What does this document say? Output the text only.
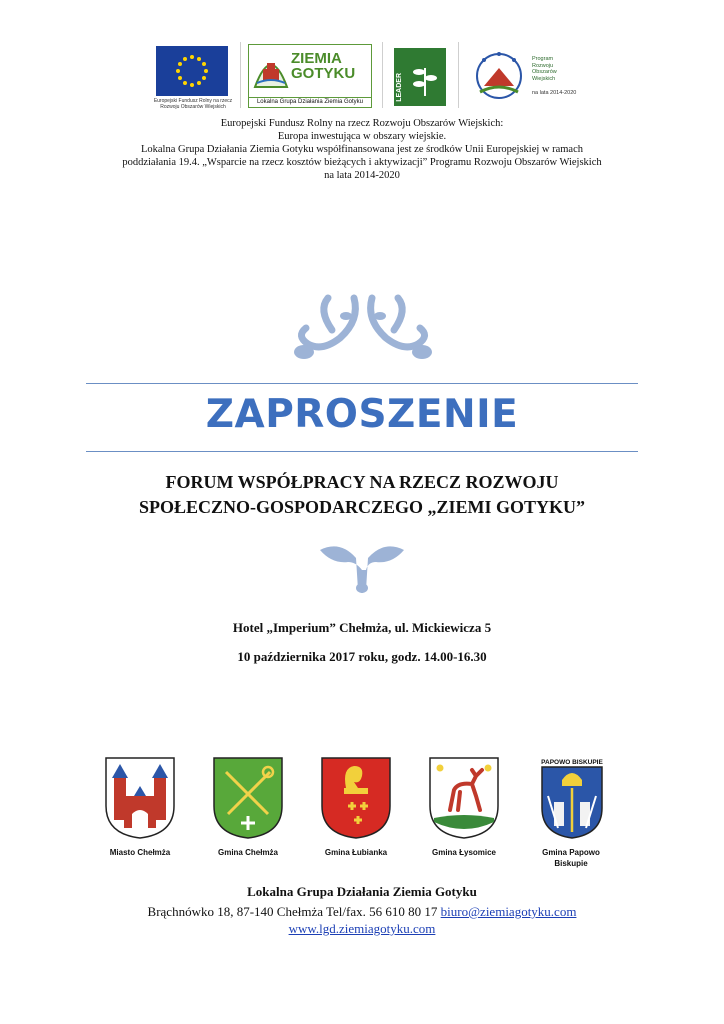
Europejski Fundusz Rolny na rzecz Rozwoju Obszarów Wiejskich
ZIEMIA
GOTYKU
Lokalna Grupa Działania Ziemia Gotyku	LEADER
Program
Rozwoju
Obszarów
Wiejskich
na lata 2014-2020
Europejski Fundusz Rolny na rzecz Rozwoju Obszarów Wiejskich:
Europa inwestująca w obszary wiejskie.
Lokalna Grupa Działania Ziemia Gotyku współfinansowana jest ze środków Unii Europejskiej w ramach
poddziałania 19.4. „Wsparcie na rzecz kosztów bieżących i aktywizacji” Programu Rozwoju Obszarów Wiejskich
na lata 2014-2020
ZAPROSZENIE
FORUM WSPÓŁPRACY NA RZECZ ROZWOJU
SPOŁECZNO-GOSPODARCZEGO „ZIEMI GOTYKU”
Hotel „Imperium” Chełmża, ul. Mickiewicza 5
10 października 2017 roku, godz. 14.00-16.30
Miasto Chełmża	Gmina Chełmża	Gmina Łubianka	Gmina Łysomice
PAPOWO BISKUPIE
Gmina Papowo
Biskupie
Lokalna Grupa Działania Ziemia Gotyku
Brąchnówko 18, 87-140 Chełmża Tel/fax. 56 610 80 17 biuro@ziemiagotyku.com
www.lgd.ziemiagotyku.com
